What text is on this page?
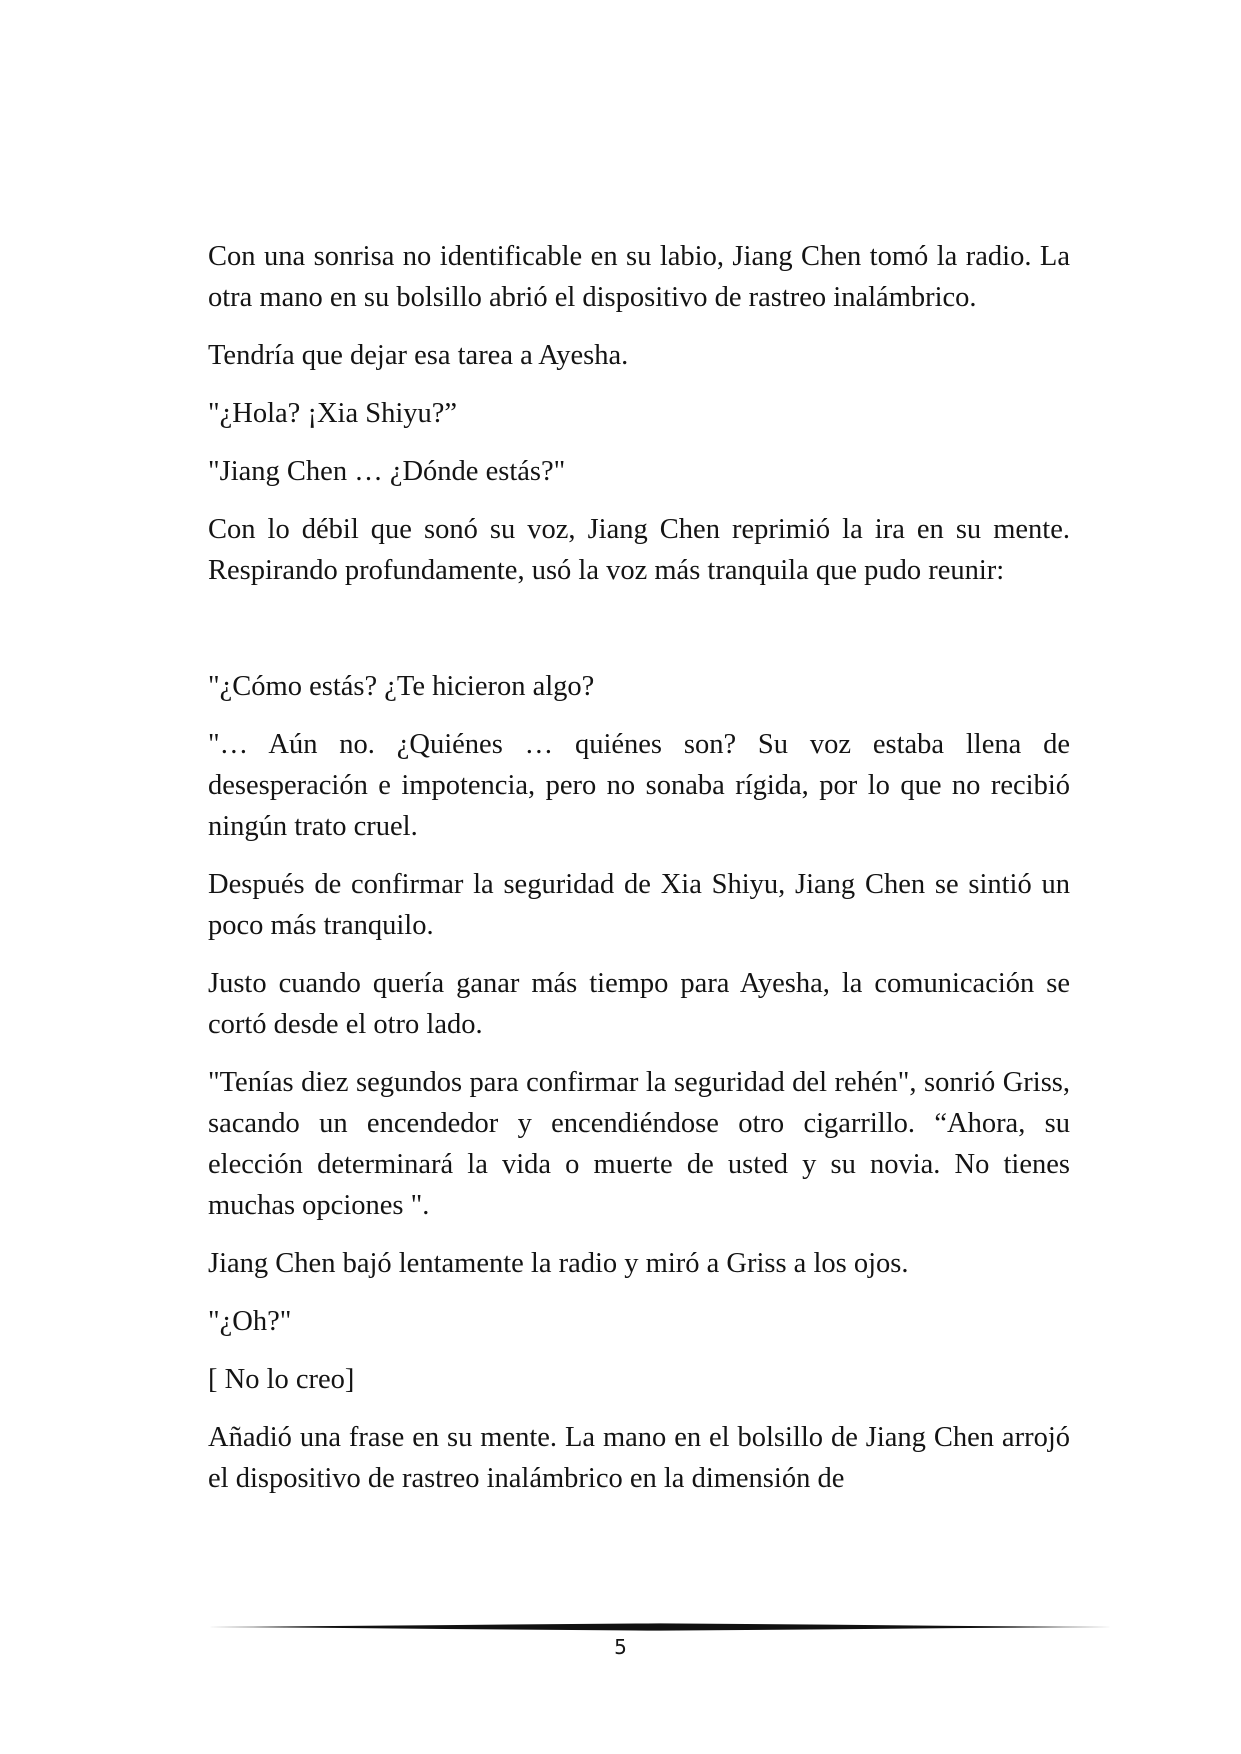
Con una sonrisa no identificable en su labio, Jiang Chen tomó la radio. La otra mano en su bolsillo abrió el dispositivo de rastreo inalámbrico.

Tendría que dejar esa tarea a Ayesha.

"¿Hola? ¡Xia Shiyu?”

"Jiang Chen … ¿Dónde estás?"

Con lo débil que sonó su voz, Jiang Chen reprimió la ira en su mente. Respirando profundamente, usó la voz más tranquila que pudo reunir:

"¿Cómo estás? ¿Te hicieron algo?

"… Aún no. ¿Quiénes … quiénes son? Su voz estaba llena de desesperación e impotencia, pero no sonaba rígida, por lo que no recibió ningún trato cruel.

Después de confirmar la seguridad de Xia Shiyu, Jiang Chen se sintió un poco más tranquilo.

Justo cuando quería ganar más tiempo para Ayesha, la comunicación se cortó desde el otro lado.

"Tenías diez segundos para confirmar la seguridad del rehén", sonrió Griss, sacando un encendedor y encendiéndose otro cigarrillo. “Ahora, su elección determinará la vida o muerte de usted y su novia. No tienes muchas opciones ".

Jiang Chen bajó lentamente la radio y miró a Griss a los ojos.

"¿Oh?"

[ No lo creo]

Añadió una frase en su mente. La mano en el bolsillo de Jiang Chen arrojó el dispositivo de rastreo inalámbrico en la dimensión de

5
